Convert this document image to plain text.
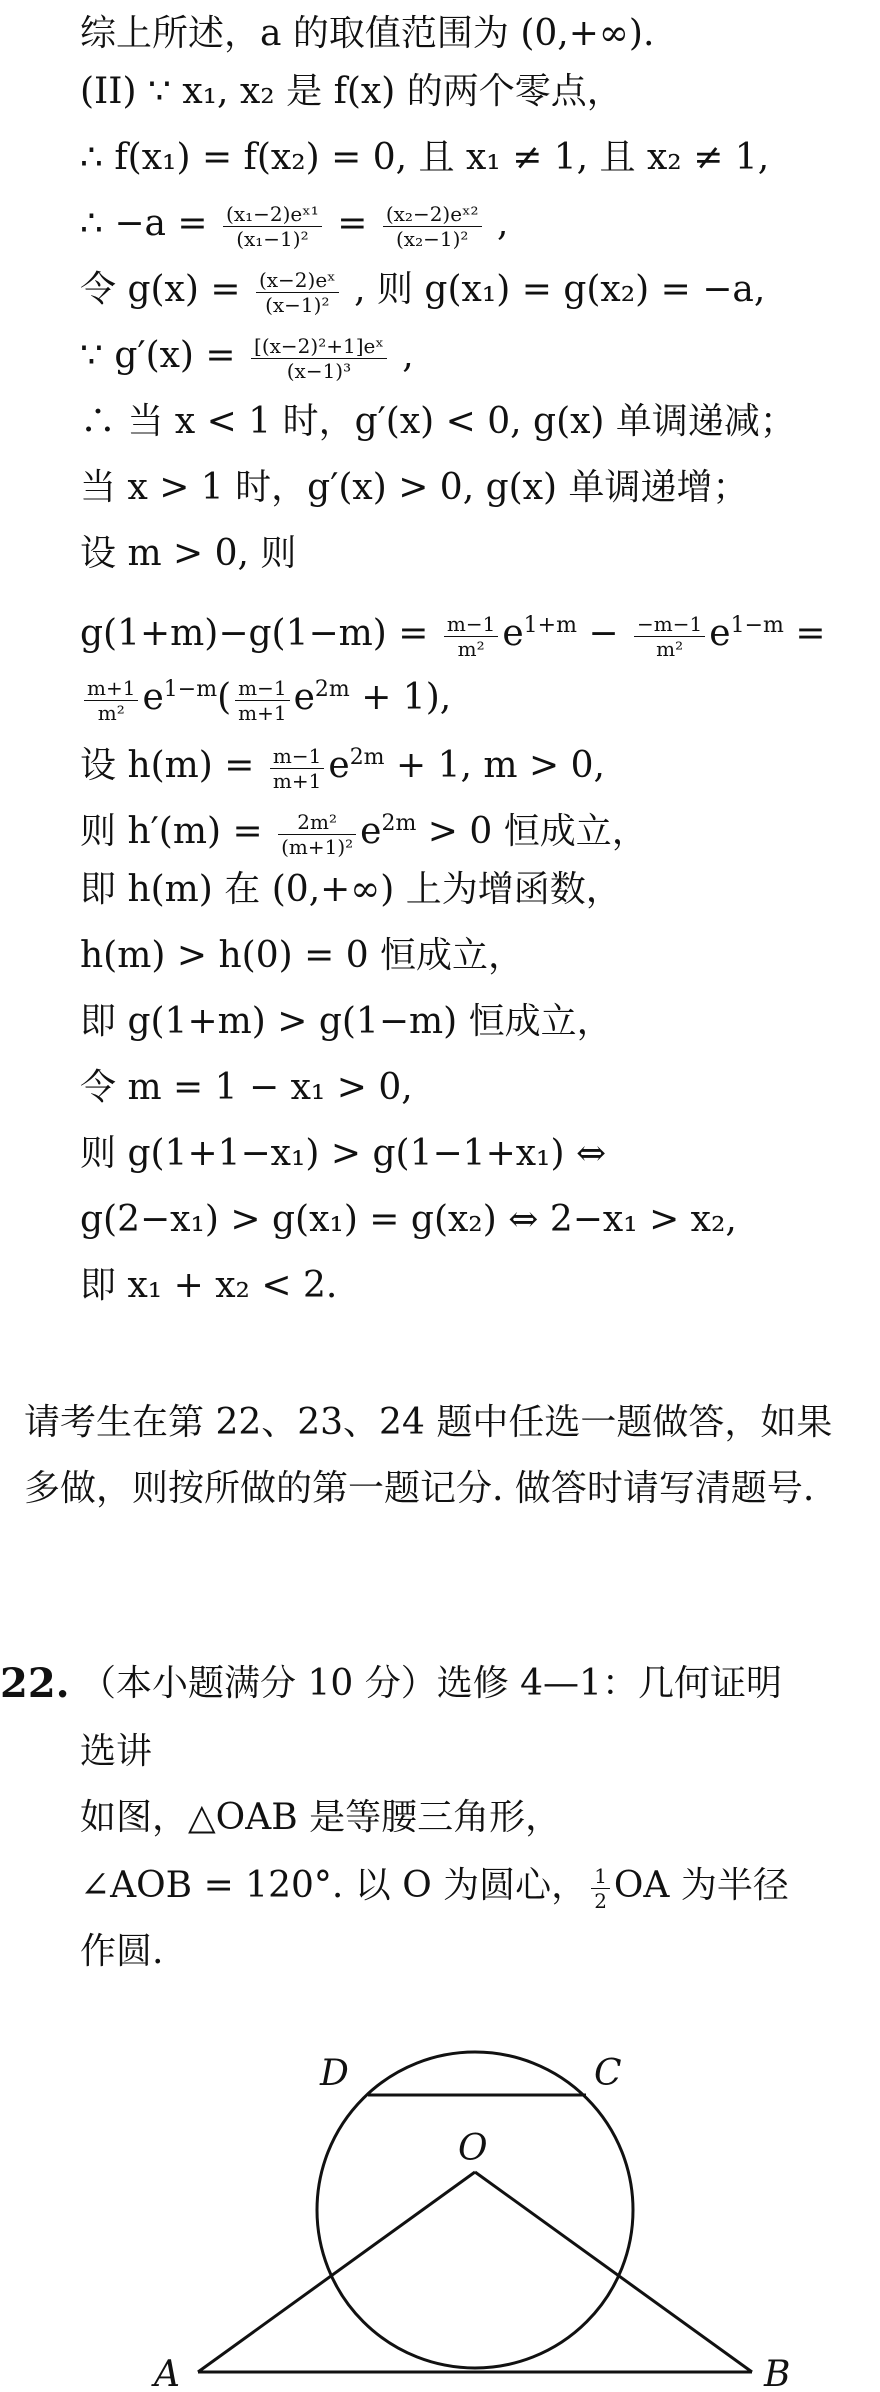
综上所述，a 的取值范围为 (0,+∞).
(II) ∵ x₁, x₂ 是 f(x) 的两个零点，
∴ f(x₁) = f(x₂) = 0, 且 x₁ ≠ 1, 且 x₂ ≠ 1,
∴ $-a = \frac{\text{(x₁−2)eˣ¹}}{\text{(x₁−1)²}} = \frac{\text{(x₂−2)eˣ²}}{\text{(x₂−1)²}}$ ,
令 $g(x) = \frac{\text{(x−2)eˣ}}{\text{(x−1)²}}$ , 则 g(x₁) = g(x₂) = −a,
∵ $g'(x) = \frac{\text{[(x−2)²+1]eˣ}}{\text{(x−1)³}}$ ,
∴ 当 x < 1 时，g′(x) < 0, g(x) 单调递减；
当 x > 1 时，g′(x) > 0, g(x) 单调递增；
设 m > 0, 则
$g(1+m)-g(1-m) = \frac{m-1}{\text{m²}} e^{1+m} - \frac{-m-1}{\text{m²}} e^{1-m}$ =
$\frac{m+1}{\text{m²}} e^{1-m}( \frac{m-1}{m+1} e^{2m} + 1)$,
设 $h(m) = \frac{m-1}{m+1} e^{2m} + 1$, m > 0,
则 $h'(m) = \frac{\text{2m²}}{\text{(m+1)²}} e^{2m} > 0$ 恒成立，
即 h(m) 在 (0,+∞) 上为增函数，
h(m) > h(0) = 0 恒成立，
即 g(1+m) > g(1−m) 恒成立，
令 m = 1 − x₁ > 0,
则 g(1+1−x₁) > g(1−1+x₁) ⇔
g(2−x₁) > g(x₁) = g(x₂) ⇔ 2−x₁ > x₂,
即 x₁ + x₂ < 2.
请考生在第 22、23、24 题中任选一题做答，如果多做，则按所做的第一题记分. 做答时请写清题号.
22. （本小题满分 10 分）选修 4—1：几何证明
选讲
如图，△OAB 是等腰三角形，
∠AOB = 120°. 以 O 为圆心， $\frac{1}{2}$ OA 为半径
作圆.
D	C
O
A	B
